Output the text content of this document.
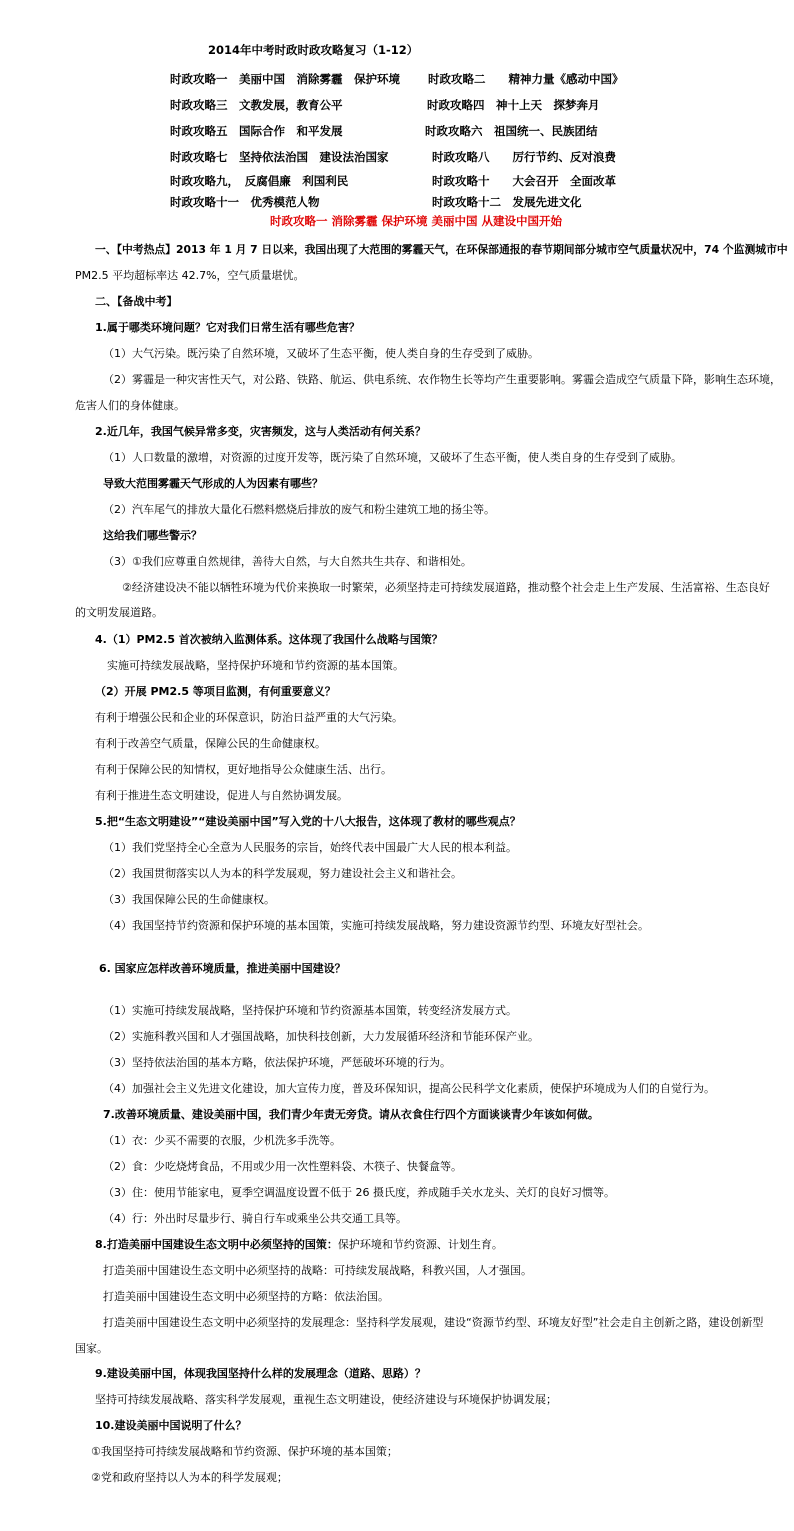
2014年中考时政时政攻略复习（1-12）
时政攻略一　美丽中国　消除雾霾　保护环境 时政攻略二　　精神力量《感动中国》
时政攻略三　文教发展，教育公平	时政攻略四　神十上天　探梦奔月
时政攻略五　国际合作　和平发展	时政攻略六　祖国统一、民族团结
时政攻略七　坚持依法治国　建设法治国家	时政攻略八　　厉行节约、反对浪费
时政攻略九，　反腐倡廉　利国利民	时政攻略十　　大会召开　全面改革
时政攻略十一　优秀模范人物	时政攻略十二　发展先进文化
时政攻略一 消除雾霾 保护环境 美丽中国 从建设中国开始
一、【中考热点】2013 年 1 月 7 日以来，我国出现了大范围的雾霾天气，在环保部通报的春节期间部分城市空气质量状况中，74 个监测城市中
PM2.5 平均超标率达 42.7%，空气质量堪忧。
二、【备战中考】
1.属于哪类环境问题？它对我们日常生活有哪些危害？
（1）大气污染。既污染了自然环境，又破坏了生态平衡，使人类自身的生存受到了威胁。
（2）雾霾是一种灾害性天气，对公路、铁路、航运、供电系统、农作物生长等均产生重要影响。雾霾会造成空气质量下降，影响生态环境，
危害人们的身体健康。
2.近几年，我国气候异常多变，灾害频发，这与人类活动有何关系？
（1）人口数量的激增，对资源的过度开发等，既污染了自然环境，又破坏了生态平衡，使人类自身的生存受到了威胁。
导致大范围雾霾天气形成的人为因素有哪些？
（2）汽车尾气的排放大量化石燃料燃烧后排放的废气和粉尘建筑工地的扬尘等。
这给我们哪些警示？
（3）①我们应尊重自然规律，善待大自然，与大自然共生共存、和谐相处。
②经济建设决不能以牺牲环境为代价来换取一时繁荣，必须坚持走可持续发展道路，推动整个社会走上生产发展、生活富裕、生态良好
的文明发展道路。
4.（1）PM2.5 首次被纳入监测体系。这体现了我国什么战略与国策？
实施可持续发展战略，坚持保护环境和节约资源的基本国策。
（2）开展 PM2.5 等项目监测，有何重要意义？
有利于增强公民和企业的环保意识，防治日益严重的大气污染。
有利于改善空气质量，保障公民的生命健康权。
有利于保障公民的知情权，更好地指导公众健康生活、出行。
有利于推进生态文明建设，促进人与自然协调发展。
5.把“生态文明建设”“建设美丽中国”写入党的十八大报告，这体现了教材的哪些观点？
（1）我们党坚持全心全意为人民服务的宗旨，始终代表中国最广大人民的根本利益。
（2）我国贯彻落实以人为本的科学发展观，努力建设社会主义和谐社会。
（3）我国保障公民的生命健康权。
（4）我国坚持节约资源和保护环境的基本国策，实施可持续发展战略，努力建设资源节约型、环境友好型社会。
6. 国家应怎样改善环境质量，推进美丽中国建设？
（1）实施可持续发展战略，坚持保护环境和节约资源基本国策，转变经济发展方式。
（2）实施科教兴国和人才强国战略，加快科技创新，大力发展循环经济和节能环保产业。
（3）坚持依法治国的基本方略，依法保护环境，严惩破坏环境的行为。
（4）加强社会主义先进文化建设，加大宣传力度，普及环保知识，提高公民科学文化素质，使保护环境成为人们的自觉行为。
7.改善环境质量、建设美丽中国，我们青少年责无旁贷。请从衣食住行四个方面谈谈青少年该如何做。
（1）衣：少买不需要的衣服，少机洗多手洗等。
（2）食：少吃烧烤食品，不用或少用一次性塑料袋、木筷子、快餐盒等。
（3）住：使用节能家电，夏季空调温度设置不低于 26 摄氏度，养成随手关水龙头、关灯的良好习惯等。
（4）行：外出时尽量步行、骑自行车或乘坐公共交通工具等。
8.打造美丽中国建设生态文明中必须坚持的国策：保护环境和节约资源、计划生育。
打造美丽中国建设生态文明中必须坚持的战略：可持续发展战略，科教兴国，人才强国。
打造美丽中国建设生态文明中必须坚持的方略：依法治国。
打造美丽中国建设生态文明中必须坚持的发展理念：坚持科学发展观，建设“资源节约型、环境友好型”社会走自主创新之路，建设创新型
国家。
9.建设美丽中国，体现我国坚持什么样的发展理念（道路、思路）？
坚持可持续发展战略、落实科学发展观，重视生态文明建设，使经济建设与环境保护协调发展；
10.建设美丽中国说明了什么？
①我国坚持可持续发展战略和节约资源、保护环境的基本国策；
②党和政府坚持以人为本的科学发展观；
